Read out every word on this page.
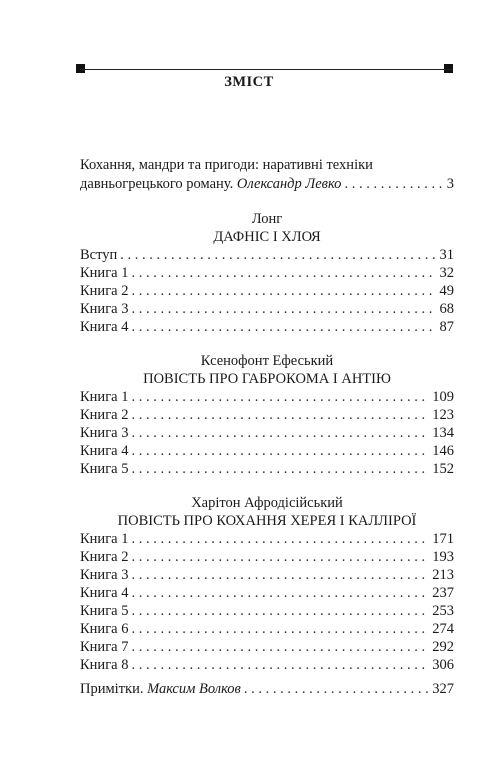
ЗМІСТ
Кохання, мандри та пригоди: наративні техніки
давньогрецького роману.
Олександр Левко . . .	3
Лонг
ДАФНІС І ХЛОЯ
Вступ . . .	31
Книга 1 . . .	32
Книга 2 . . .	49
Книга 3 . . .	68
Книга 4 . . .	87
Ксенофонт Ефеський
ПОВІСТЬ ПРО ГАБРОКОМА І АНТІЮ
Книга 1 . . .	109
Книга 2 . . .	123
Книга 3 . . .	134
Книга 4 . . .	146
Книга 5 . . .	152
Харітон Афродісійський
ПОВІСТЬ ПРО КОХАННЯ ХЕРЕЯ І КАЛЛІРОЇ
Книга 1 . . .	171
Книга 2 . . .	193
Книга 3 . . .	213
Книга 4 . . .	237
Книга 5 . . .	253
Книга 6 . . .	274
Книга 7 . . .	292
Книга 8 . . .	306
Примітки.
Максим Волков . . .	327
